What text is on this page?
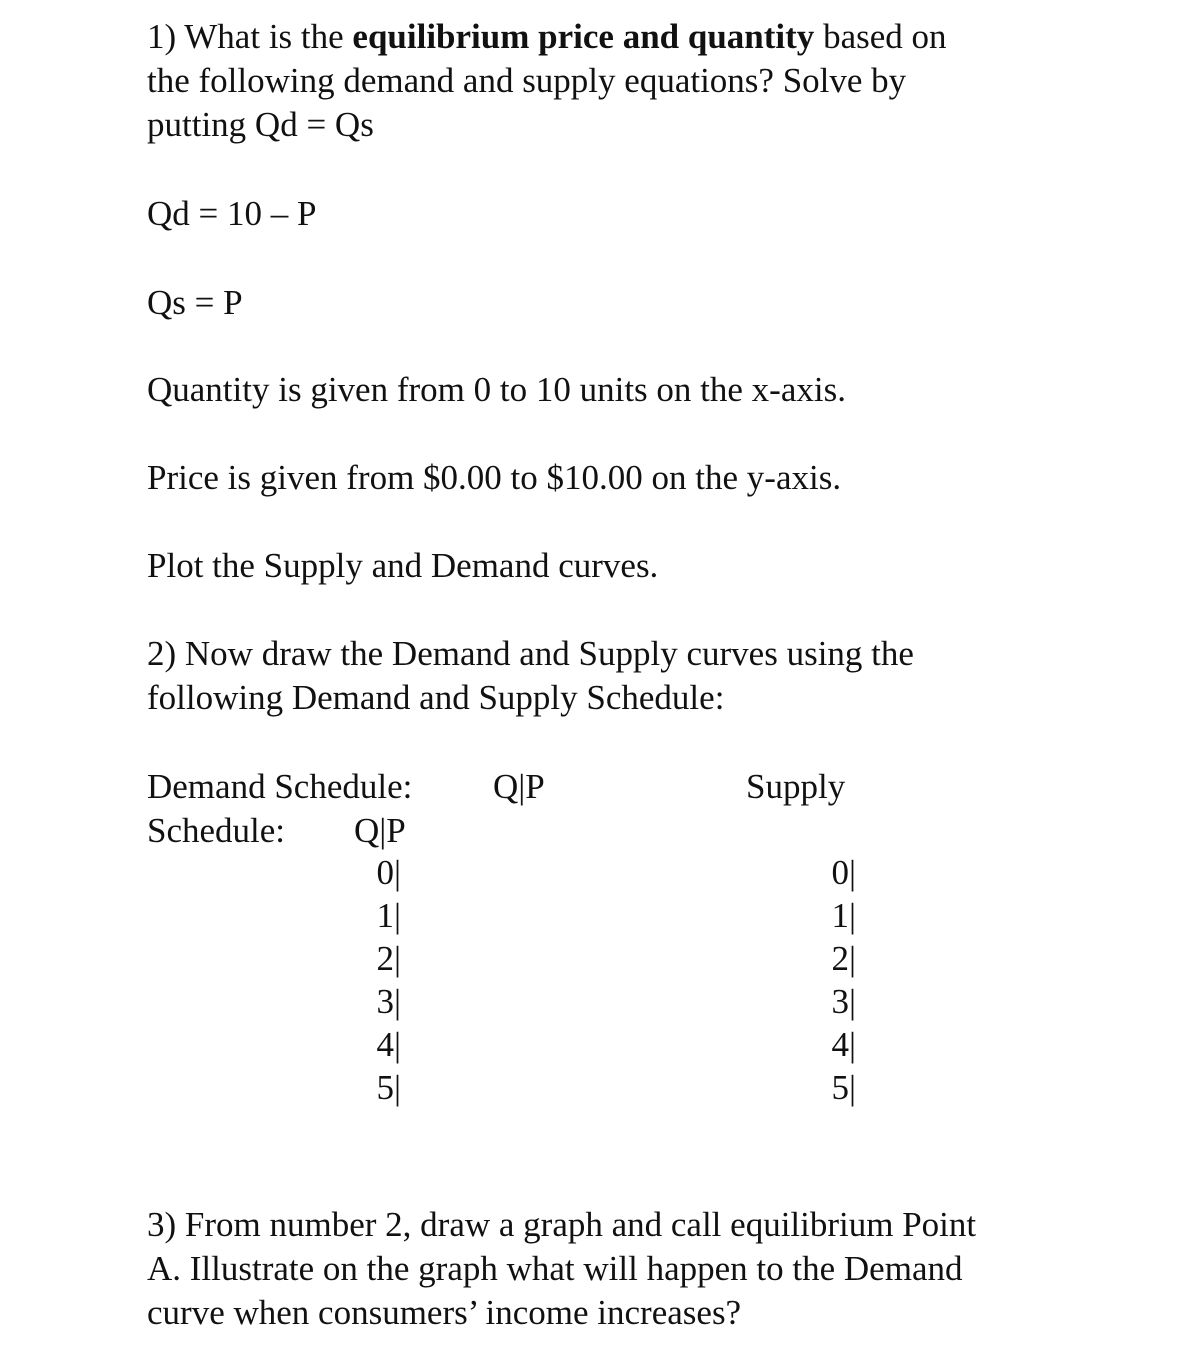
1) What is the equilibrium price and quantity based on
the following demand and supply equations? Solve by
putting Qd = Qs
Qd = 10 – P
Qs = P
Quantity is given from 0 to 10 units on the x-axis.
Price is given from $0.00 to $10.00 on the y-axis.
Plot the Supply and Demand curves.
2) Now draw the Demand and Supply curves using the
following Demand and Supply Schedule:
Demand Schedule: Q|P	Supply
Schedule: Q|P
0|
1|
2|
3|
4|
5|
0|
1|
2|
3|
4|
5|
3) From number 2, draw a graph and call equilibrium Point
A. Illustrate on the graph what will happen to the Demand
curve when consumers’ income increases?
